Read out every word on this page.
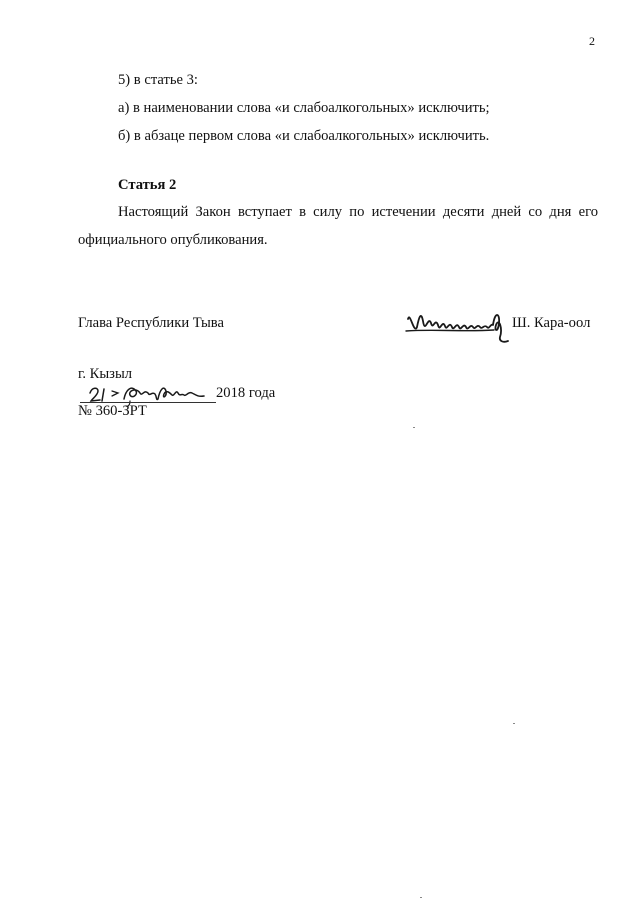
2
5) в статье 3:
а) в наименовании слова «и слабоалкогольных» исключить;
б) в абзаце первом слова «и слабоалкогольных» исключить.
Статья 2
Настоящий Закон вступает в силу по истечении десяти дней со дня его
официального опубликования.
Глава Республики Тыва	Ш. Кара-оол
г. Кызыл
2018 года
№ 360-ЗРТ
